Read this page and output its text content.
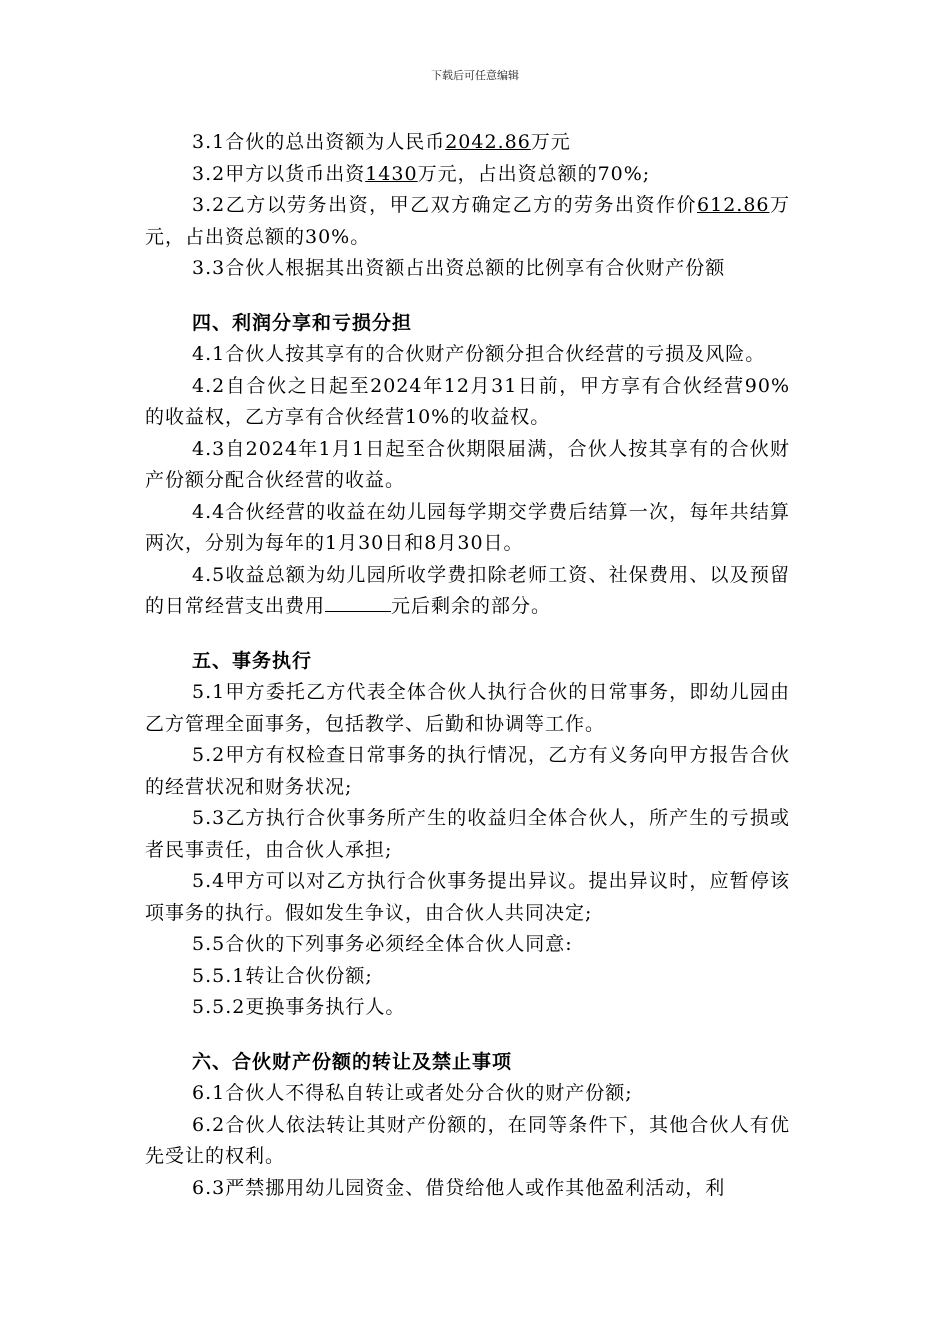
下载后可任意编辑

3.1合伙的总出资额为人民币2042.86万元

3.2甲方以货币出资1430万元，占出资总额的70%;

3.2乙方以劳务出资，甲乙双方确定乙方的劳务出资作价612.86万元，占出资总额的30%。

3.3合伙人根据其出资额占出资总额的比例享有合伙财产份额

四、利润分享和亏损分担

4.1合伙人按其享有的合伙财产份额分担合伙经营的亏损及风险。

4.2自合伙之日起至2024年12月31日前，甲方享有合伙经营90%的收益权，乙方享有合伙经营10%的收益权。

4.3自2024年1月1日起至合伙期限届满，合伙人按其享有的合伙财产份额分配合伙经营的收益。

4.4合伙经营的收益在幼儿园每学期交学费后结算一次，每年共结算两次，分别为每年的1月30日和8月30日。

4.5收益总额为幼儿园所收学费扣除老师工资、社保费用、以及预留的日常经营支出费用	元后剩余的部分。

五、事务执行

5.1甲方委托乙方代表全体合伙人执行合伙的日常事务，即幼儿园由乙方管理全面事务，包括教学、后勤和协调等工作。

5.2甲方有权检查日常事务的执行情况，乙方有义务向甲方报告合伙的经营状况和财务状况;

5.3乙方执行合伙事务所产生的收益归全体合伙人，所产生的亏损或者民事责任，由合伙人承担;

5.4甲方可以对乙方执行合伙事务提出异议。提出异议时，应暂停该项事务的执行。假如发生争议，由合伙人共同决定;

5.5合伙的下列事务必须经全体合伙人同意:

5.5.1转让合伙份额;

5.5.2更换事务执行人。

六、合伙财产份额的转让及禁止事项

6.1合伙人不得私自转让或者处分合伙的财产份额;

6.2合伙人依法转让其财产份额的，在同等条件下，其他合伙人有优先受让的权利。

6.3严禁挪用幼儿园资金、借贷给他人或作其他盈利活动，利
